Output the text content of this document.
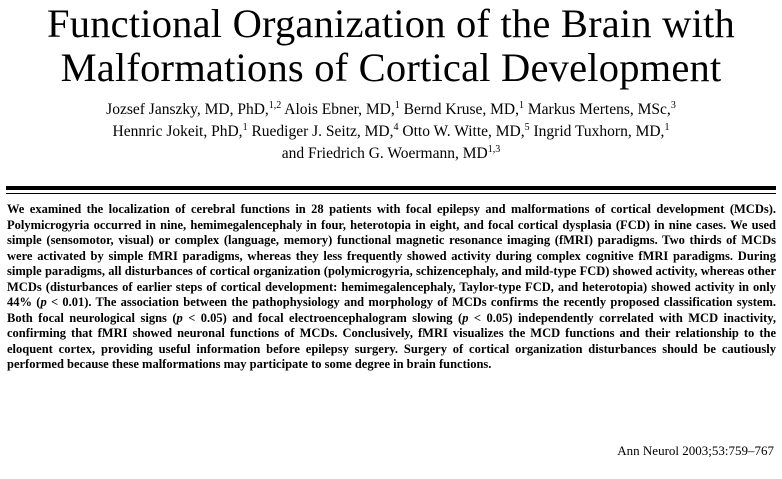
Functional Organization of the Brain with
Malformations of Cortical Development
Jozsef Janszky, MD, PhD,$^{1,2}$ Alois Ebner, MD,$^1$ Bernd Kruse, MD,$^1$ Markus Mertens, MSc,$^3$
Hennric Jokeit, PhD,$^1$ Ruediger J. Seitz, MD,$^4$ Otto W. Witte, MD,$^5$ Ingrid Tuxhorn, MD,$^1$
and Friedrich G. Woermann, MD$^{1,3}$

We examined the localization of cerebral functions in 28 patients with focal epilepsy and malformations of cortical development (MCDs). Polymicrogyria occurred in nine, hemimegalencephaly in four, heterotopia in eight, and focal cortical dysplasia (FCD) in nine cases. We used simple (sensomotor, visual) or complex (language, memory) functional magnetic resonance imaging (fMRI) paradigms. Two thirds of MCDs were activated by simple fMRI paradigms, whereas they less frequently showed activity during complex cognitive fMRI paradigms. During simple paradigms, all disturbances of cortical organization (polymicrogyria, schizencephaly, and mild-type FCD) showed activity, whereas other MCDs (disturbances of earlier steps of cortical development: hemimegalencephaly, Taylor-type FCD, and heterotopia) showed activity in only 44% (p < 0.01). The association between the pathophysiology and morphology of MCDs confirms the recently proposed classification system. Both focal neurological signs (p < 0.05) and focal electroencephalogram slowing (p < 0.05) independently correlated with MCD inactivity, confirming that fMRI showed neuronal functions of MCDs. Conclusively, fMRI visualizes the MCD functions and their relationship to the eloquent cortex, providing useful information before epilepsy surgery. Surgery of cortical organization disturbances should be cautiously performed because these malformations may participate to some degree in brain functions.

Ann Neurol 2003;53:759–767
